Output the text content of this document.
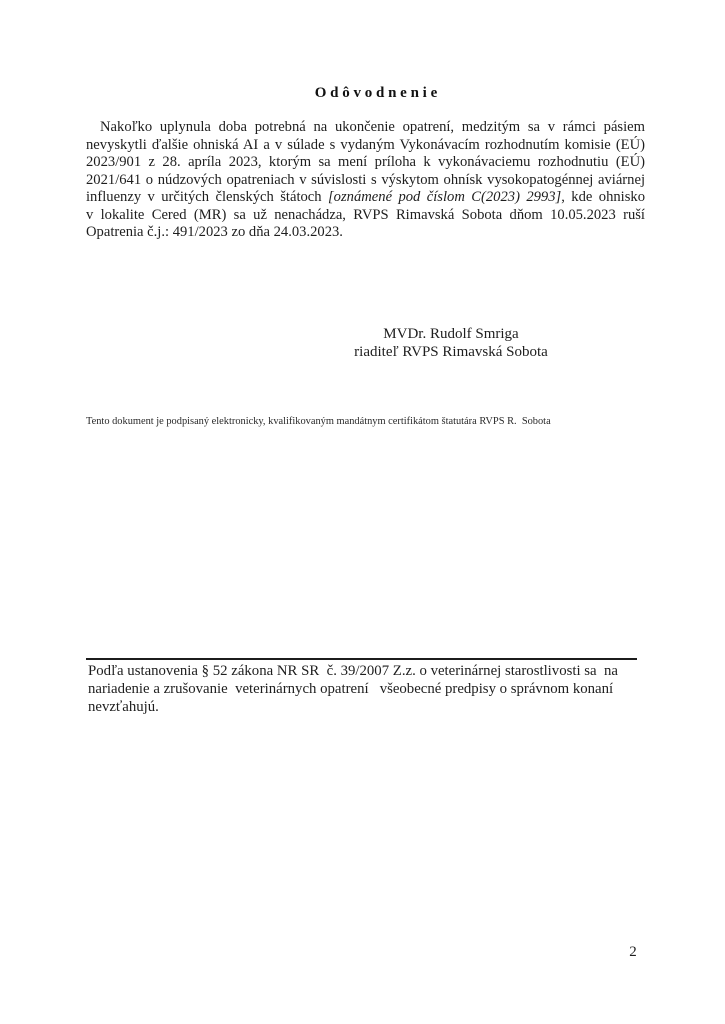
O d ô v o d n e n i e
Nakoľko uplynula doba potrebná na ukončenie opatrení, medzitým sa v rámci pásiem
nevyskytli ďalšie ohniská AI a v súlade s vydaným Vykonávacím rozhodnutím komisie (EÚ)
2023/901 z 28. apríla 2023, ktorým sa mení príloha k vykonávaciemu rozhodnutiu (EÚ)
2021/641 o núdzových opatreniach v súvislosti s výskytom ohnísk vysokopatogénnej aviárnej
influenzy v určitých členských štátoch [oznámené pod číslom C(2023) 2993], kde ohnisko
v lokalite Cered (MR) sa už nenachádza, RVPS Rimavská Sobota dňom 10.05.2023 ruší
Opatrenia č.j.: 491/2023 zo dňa 24.03.2023.
MVDr. Rudolf Smriga
riaditeľ RVPS Rimavská Sobota
Tento dokument je podpisaný elektronicky, kvalifikovaným mandátnym certifikátom štatutára RVPS R.  Sobota
Podľa ustanovenia § 52 zákona NR SR  č. 39/2007 Z.z. o veterinárnej starostlivosti sa  na
nariadenie a zrušovanie  veterinárnych opatrení   všeobecné predpisy o správnom konaní
nevzťahujú.
2
